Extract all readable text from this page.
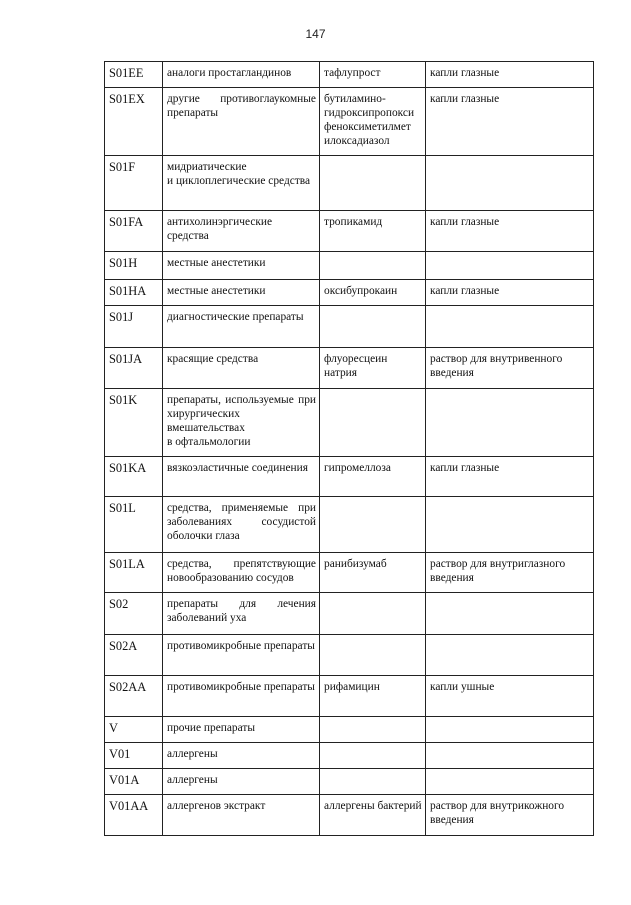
147
S01EE	аналоги простагландинов	тафлупрост	капли глазные
S01EX	другие противоглаукомные препараты	бутиламино-
гидроксипропокси
феноксиметилмет
илоксадиазол	капли глазные
S01F	мидриатические
и циклоплегические средства		
S01FA	антихолинэргические средства	тропикамид	капли глазные
S01H	местные анестетики		
S01HA	местные анестетики	оксибупрокаин	капли глазные
S01J	диагностические препараты		
S01JA	красящие средства	флуоресцеин натрия	раствор для внутривенного введения
S01K	препараты, используемые при хирургических вмешательствах
в офтальмологии		
S01KA	вязкоэластичные соединения	гипромеллоза	капли глазные
S01L	средства, применяемые при заболеваниях сосудистой оболочки глаза		
S01LA	средства, препятствующие новообразованию сосудов	ранибизумаб	раствор для внутриглазного введения
S02	препараты для лечения заболеваний уха		
S02A	противомикробные препараты		
S02AA	противомикробные препараты	рифамицин	капли ушные
V	прочие препараты		
V01	аллергены		
V01A	аллергены		
V01AA	аллергенов экстракт	аллергены бактерий	раствор для внутрикожного введения
